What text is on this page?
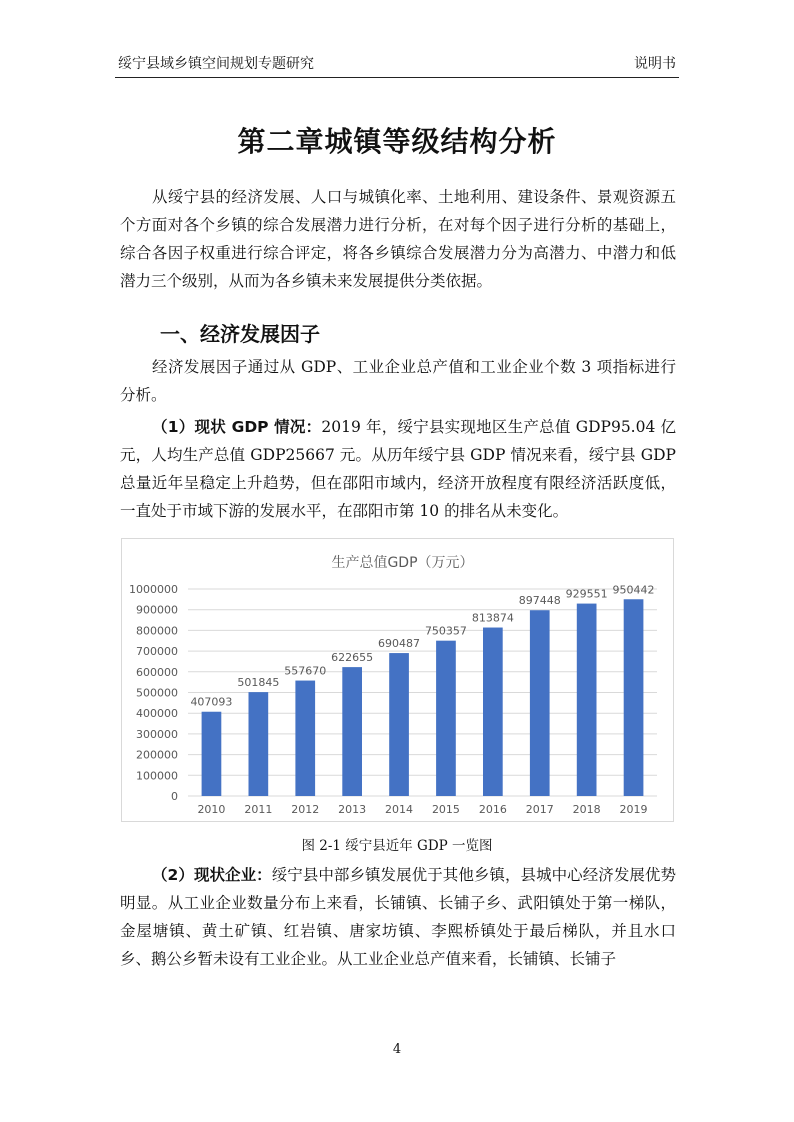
绥宁县域乡镇空间规划专题研究	说明书
第二章城镇等级结构分析

从绥宁县的经济发展、人口与城镇化率、土地利用、建设条件、景观资源五个方面对各个乡镇的综合发展潜力进行分析，在对每个因子进行分析的基础上，综合各因子权重进行综合评定，将各乡镇综合发展潜力分为高潜力、中潜力和低潜力三个级别，从而为各乡镇未来发展提供分类依据。

一、经济发展因子

经济发展因子通过从 GDP、工业企业总产值和工业企业个数 3 项指标进行分析。

（1）现状 GDP 情况：2019 年，绥宁县实现地区生产总值 GDP95.04 亿元，人均生产总值 GDP25667 元。从历年绥宁县 GDP 情况来看，绥宁县 GDP 总量近年呈稳定上升趋势，但在邵阳市域内，经济开放程度有限经济活跃度低，一直处于市域下游的发展水平，在邵阳市第 10 的排名从未变化。

生产总值GDP（万元）
0
100000
200000
300000
400000
500000
600000
700000
800000
900000
1000000
407093
2010
501845
2011
557670
2012
622655
2013
690487
2014
750357
2015
813874
2016
897448
2017
929551
2018
950442
2019
图 2-1 绥宁县近年 GDP 一览图

（2）现状企业：绥宁县中部乡镇发展优于其他乡镇，县城中心经济发展优势明显。从工业企业数量分布上来看，长铺镇、长铺子乡、武阳镇处于第一梯队，金屋塘镇、黄土矿镇、红岩镇、唐家坊镇、李熙桥镇处于最后梯队，并且水口乡、鹅公乡暂未设有工业企业。从工业企业总产值来看，长铺镇、长铺子

4
